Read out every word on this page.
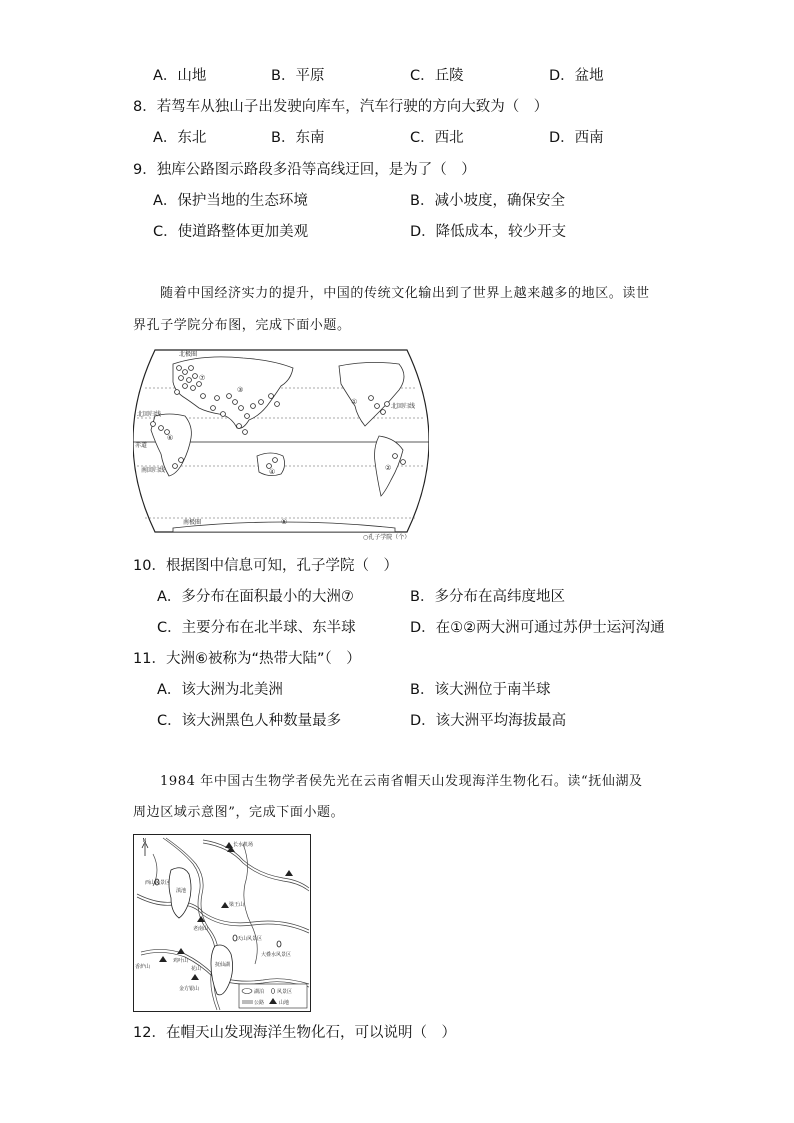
A．山地	B．平原	C．丘陵	D．盆地
8．若驾车从独山子出发驶向库车，汽车行驶的方向大致为（　）
A．东北	B．东南	C．西北	D．西南
9．独库公路图示路段多沿等高线迂回，是为了（　）
A．保护当地的生态环境	B．减小坡度，确保安全
C．使道路整体更加美观	D．降低成本，较少开支
随着中国经济实力的提升，中国的传统文化输出到了世界上越来越多的地区。读世
界孔子学院分布图，完成下面小题。
⑦
③
⑥
④
①
②
⑤
北极圈
北回归线
北回归线
赤道
南回归线
南极圈
○孔子学院（个）
10．根据图中信息可知，孔子学院（　）
A．多分布在面积最小的大洲⑦	B．多分布在高纬度地区
C．主要分布在北半球、东半球	D．在①②两大洲可通过苏伊士运河沟通
11．大洲⑥被称为“热带大陆”（　）
A．该大洲为北美洲	B．该大洲位于南半球
C．该大洲黑色人种数量最多	D．该大洲平均海拔最高
1984 年中国古生物学者侯先光在云南省帽天山发现海洋生物化石。读“抚仙湖及
周边区域示意图”，完成下面小题。
N
长水机场
西山风景区
滇池
梁王山
老南山
天山风景区
大叠水风景区
鸡叶山
花山
抚仙湖
香炉山
金方银山	湖泊	风景区
公路	山地
12．在帽天山发现海洋生物化石，可以说明（　）
